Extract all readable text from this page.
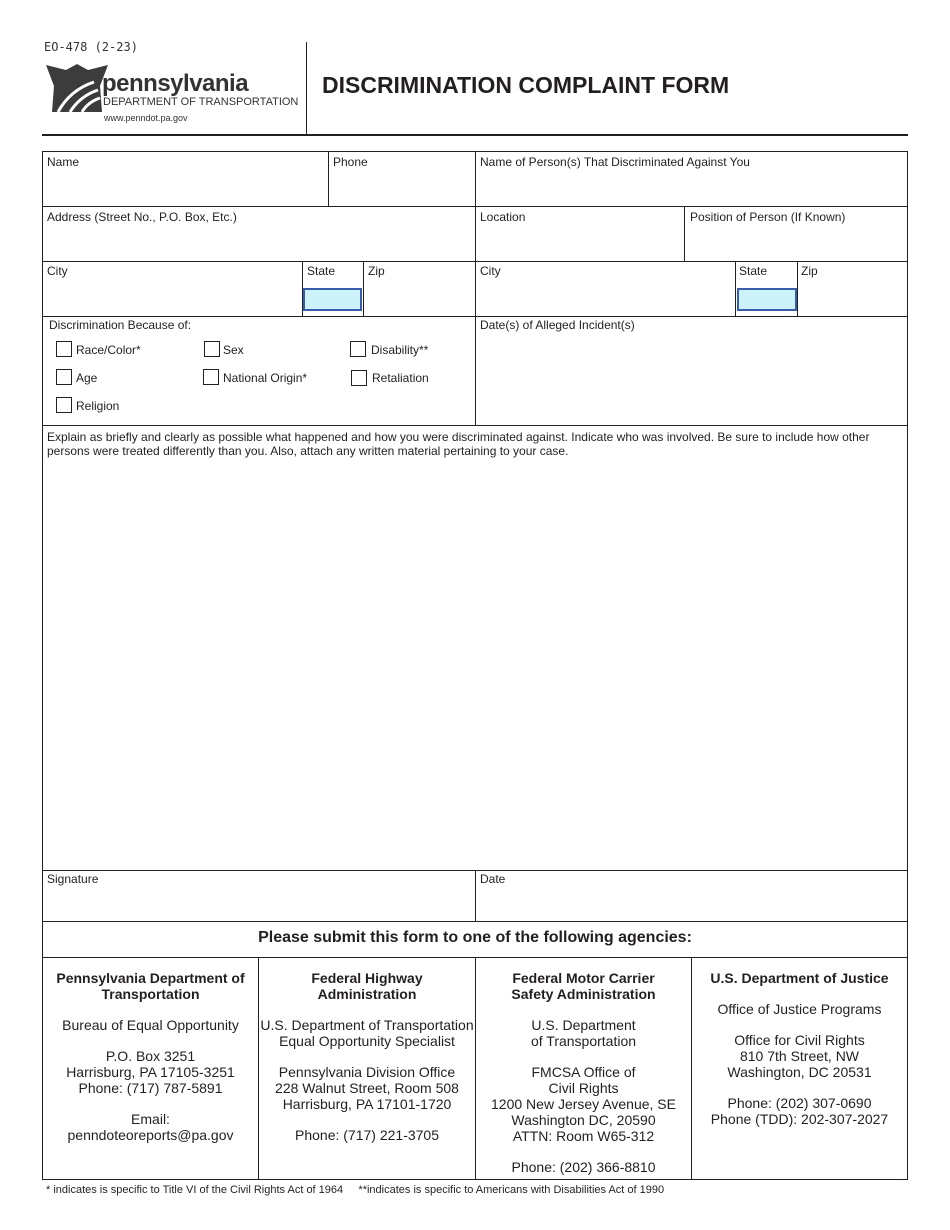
EO-478 (2-23)
pennsylvania
DEPARTMENT OF TRANSPORTATION
www.penndot.pa.gov
DISCRIMINATION COMPLAINT FORM
Name	Phone	Name of Person(s) That Discriminated Against You
Address (Street No., P.O. Box, Etc.)	Location	Position of Person (If Known)
City	State	Zip	City	State	Zip
Discrimination Because of:
Race/Color*	Sex	Disability**
Age	National Origin*	Retaliation
Religion
Date(s) of Alleged Incident(s)
Explain as briefly and clearly as possible what happened and how you were discriminated against. Indicate who was involved. Be sure to include how other persons were treated differently than you. Also, attach any written material pertaining to your case.
Signature	Date
Please submit this form to one of the following agencies:
Pennsylvania Department of
Transportation
Bureau of Equal Opportunity
P.O. Box 3251
Harrisburg, PA 17105-3251
Phone: (717) 787-5891
Email:
penndoteoreports@pa.gov
Federal Highway
Administration
U.S. Department of Transportation
Equal Opportunity Specialist
Pennsylvania Division Office
228 Walnut Street, Room 508
Harrisburg, PA 17101-1720
Phone: (717) 221-3705
Federal Motor Carrier
Safety Administration
U.S. Department
of Transportation
FMCSA Office of
Civil Rights
1200 New Jersey Avenue, SE
Washington DC, 20590
ATTN: Room W65-312
Phone: (202) 366-8810
U.S. Department of Justice
Office of Justice Programs
Office for Civil Rights
810 7th Street, NW
Washington, DC 20531
Phone: (202) 307-0690
Phone (TDD): 202-307-2027
* indicates is specific to Title VI of the Civil Rights Act of 1964     **indicates is specific to Americans with Disabilities Act of 1990
